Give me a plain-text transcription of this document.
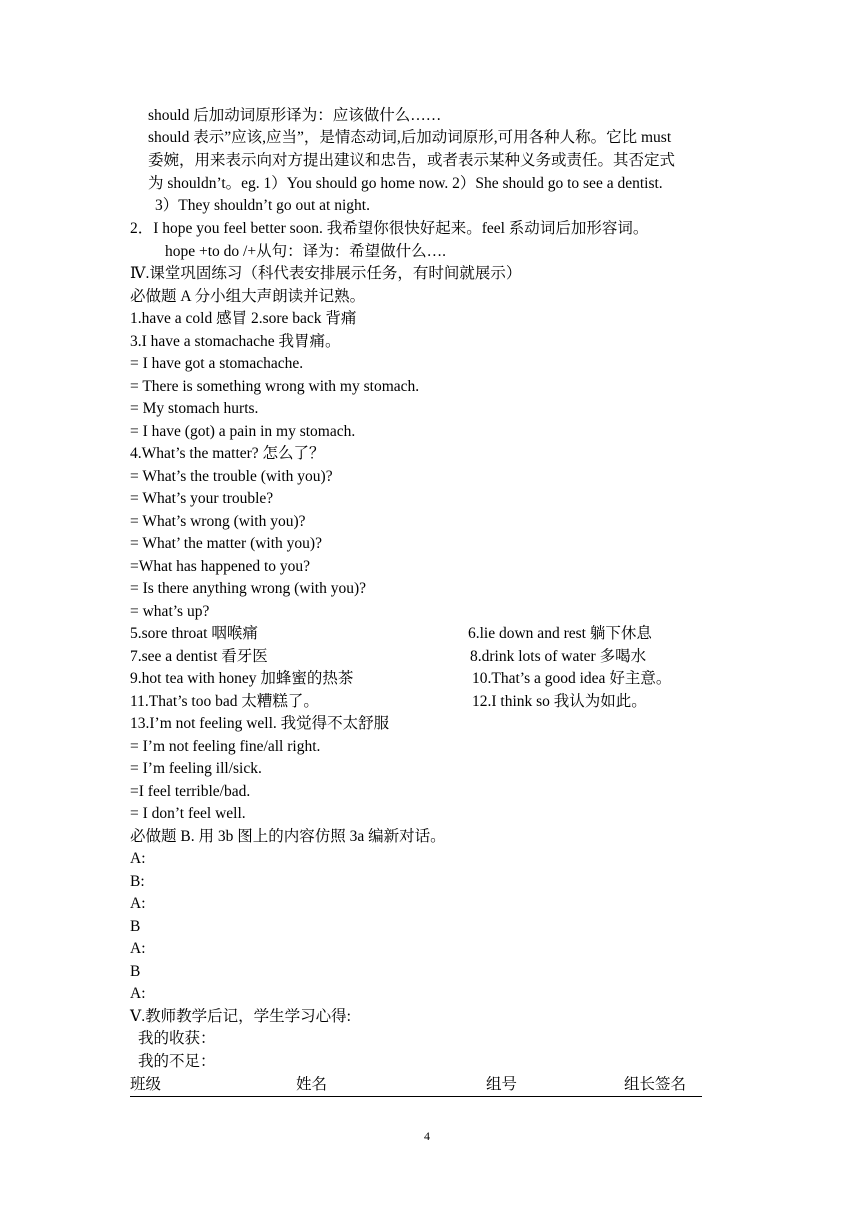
should 后加动词原形译为：应该做什么……
should 表示”应该,应当”，是情态动词,后加动词原形,可用各种人称。它比 must
委婉，用来表示向对方提出建议和忠告，或者表示某种义务或责任。其否定式
为 shouldn’t。eg. 1）You should go home now. 2）She should go to see a dentist.
3）They shouldn’t go out at night.
2．I hope you feel better soon. 我希望你很快好起来。feel 系动词后加形容词。
hope +to do /+从句：译为：希望做什么….
Ⅳ.课堂巩固练习（科代表安排展示任务，有时间就展示）
必做题 A 分小组大声朗读并记熟。
1.have a cold 感冒 2.sore back 背痛
3.I have a stomachache 我胃痛。
= I have got a stomachache.
= There is something wrong with my stomach.
= My stomach hurts.
= I have (got) a pain in my stomach.
4.What’s the matter? 怎么了？
= What’s the trouble (with you)?
= What’s your trouble?
= What’s wrong (with you)?
= What’ the matter (with you)?
=What has happened to you?
= Is there anything wrong (with you)?
= what’s up?
5.sore throat 咽喉痛	6.lie down and rest 躺下休息
7.see a dentist 看牙医	8.drink lots of water 多喝水
9.hot tea with honey 加蜂蜜的热茶	10.That’s a good idea 好主意。
11.That’s too bad 太糟糕了。	12.I think so 我认为如此。
13.I’m not feeling well. 我觉得不太舒服
= I’m not feeling fine/all right.
= I’m feeling ill/sick.
=I feel terrible/bad.
= I don’t feel well.
必做题 B. 用 3b 图上的内容仿照 3a 编新对话。
A:
B:
A:
B
A:
B
A:
Ⅴ.教师教学后记，学生学习心得:
我的收获：
我的不足：
班级	姓名	组号	组长签名
4
